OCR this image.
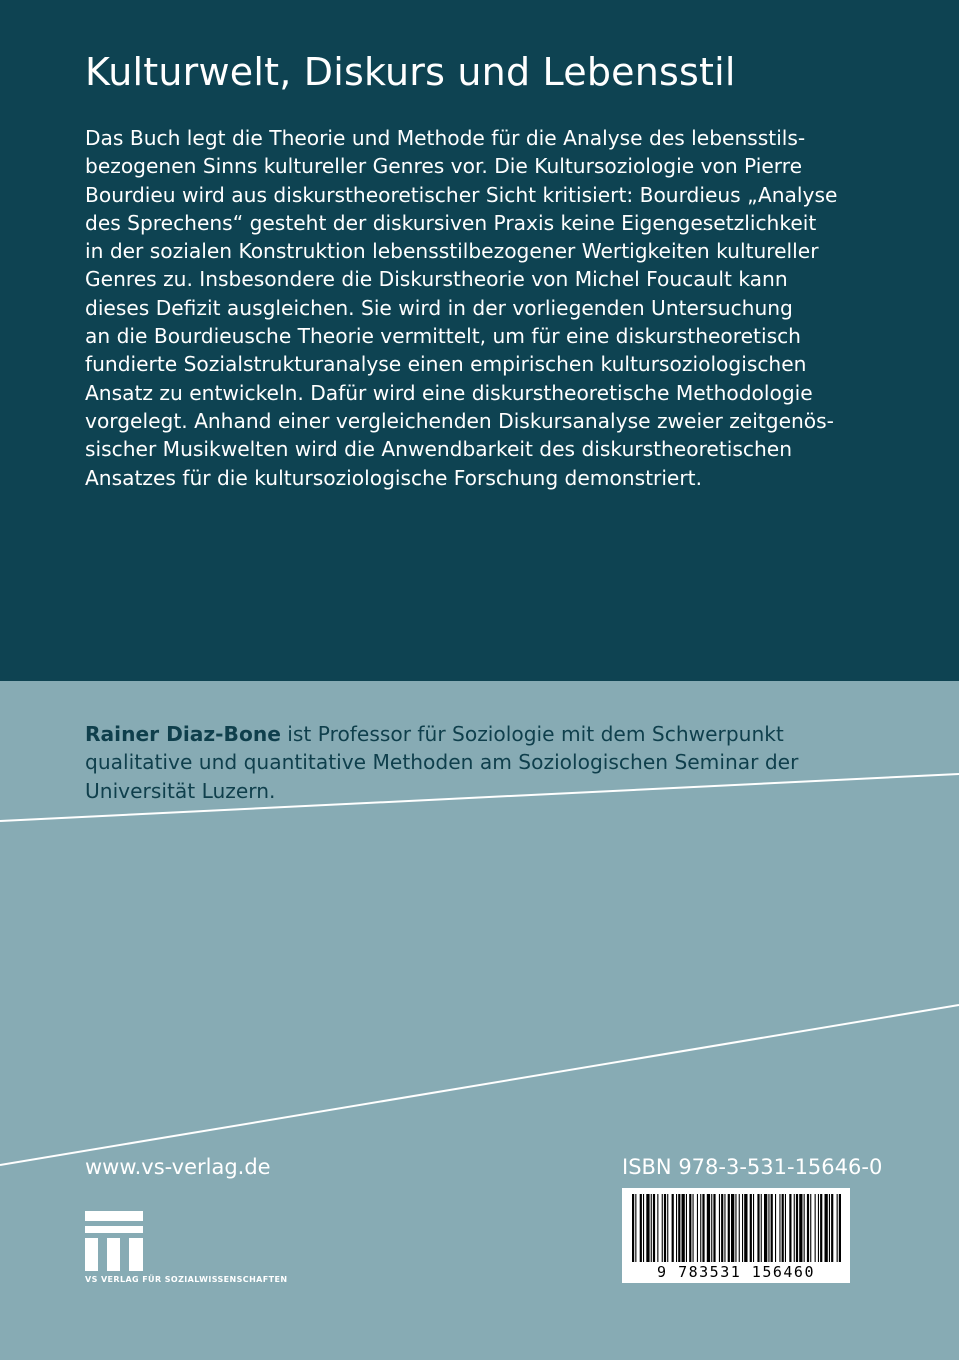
Kulturwelt, Diskurs und Lebensstil

Das Buch legt die Theorie und Methode für die Analyse des lebensstils-
bezogenen Sinns kultureller Genres vor. Die Kultursoziologie von Pierre
Bourdieu wird aus diskurstheoretischer Sicht kritisiert: Bourdieus „Analyse
des Sprechens“ gesteht der diskursiven Praxis keine Eigengesetzlichkeit
in der sozialen Konstruktion lebensstilbezogener Wertigkeiten kultureller
Genres zu. Insbesondere die Diskurstheorie von Michel Foucault kann
dieses Defizit ausgleichen. Sie wird in der vorliegenden Untersuchung
an die Bourdieusche Theorie vermittelt, um für eine diskurstheoretisch
fundierte Sozialstrukturanalyse einen empirischen kultursoziologischen
Ansatz zu entwickeln. Dafür wird eine diskurstheoretische Methodologie
vorgelegt. Anhand einer vergleichenden Diskursanalyse zweier zeitgenös-
sischer Musikwelten wird die Anwendbarkeit des diskurstheoretischen
Ansatzes für die kultursoziologische Forschung demonstriert.

Rainer Diaz-Bone ist Professor für Soziologie mit dem Schwerpunkt
qualitative und quantitative Methoden am Soziologischen Seminar der
Universität Luzern.

www.vs-verlag.de

VS VERLAG FÜR SOZIALWISSENSCHAFTEN

ISBN 978-3-531-15646-0

9 783531 156460
